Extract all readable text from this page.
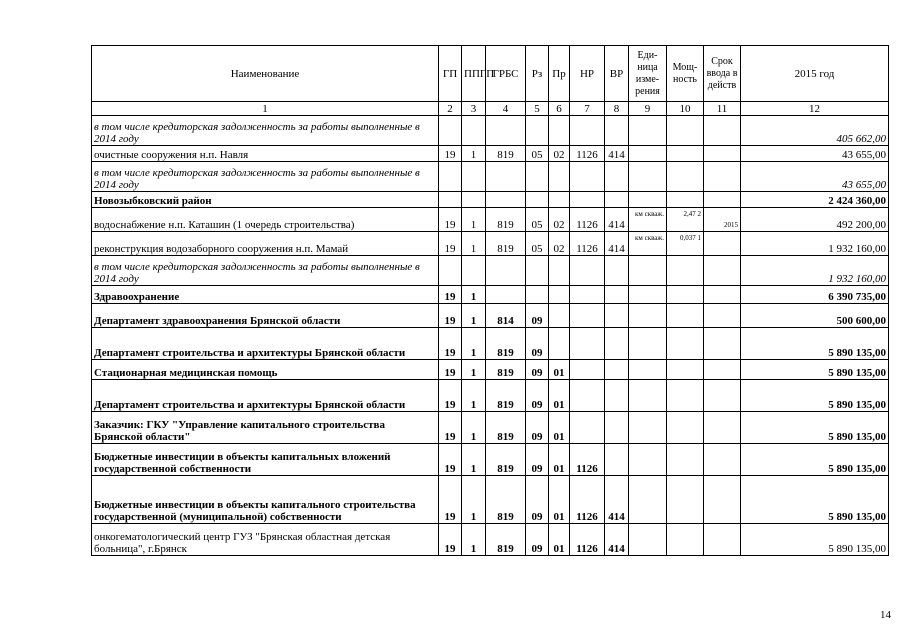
Наименование	ГП	ППГП	ГРБС	Рз	Пр	НР	ВР	Еди-ница изме-рения	Мощ-ность	Срок ввода в действ	2015 год
1	2	3	4	5	6	7	8	9	10	11	12
в том числе кредиторская задолженность за работы выполненные в 2014 году											405 662,00
очистные сооружения н.п. Навля	19	1	819	05	02	1126	414				43 655,00
в том числе кредиторская задолженность за работы выполненные в 2014 году											43 655,00
Новозыбковский район											2 424 360,00
водоснабжение н.п. Каташин (1 очередь строительства)	19	1	819	05	02	1126	414	км скваж.	2,47 2	2015	492 200,00
реконструкция водозаборного сооружения н.п. Мамай	19	1	819	05	02	1126	414	км скваж.	0,037 1		1 932 160,00
в том числе кредиторская задолженность за работы выполненные в 2014 году											1 932 160,00
Здравоохранение	19	1									6 390 735,00
Департамент здравоохранения Брянской области	19	1	814	09							500 600,00
Департамент строительства и архитектуры Брянской области	19	1	819	09							5 890 135,00
Стационарная медицинская помощь	19	1	819	09	01						5 890 135,00
Департамент строительства и архитектуры Брянской области	19	1	819	09	01						5 890 135,00
Заказчик: ГКУ "Управление капитального строительства Брянской области"	19	1	819	09	01						5 890 135,00
Бюджетные инвестиции в объекты капитальных вложений государственной собственности	19	1	819	09	01	1126					5 890 135,00
Бюджетные инвестиции в объекты капитального строительства государственной (муниципальной) собственности	19	1	819	09	01	1126	414				5 890 135,00
онкогематологический центр ГУЗ "Брянская областная детская больница", г.Брянск	19	1	819	09	01	1126	414				5 890 135,00
14
